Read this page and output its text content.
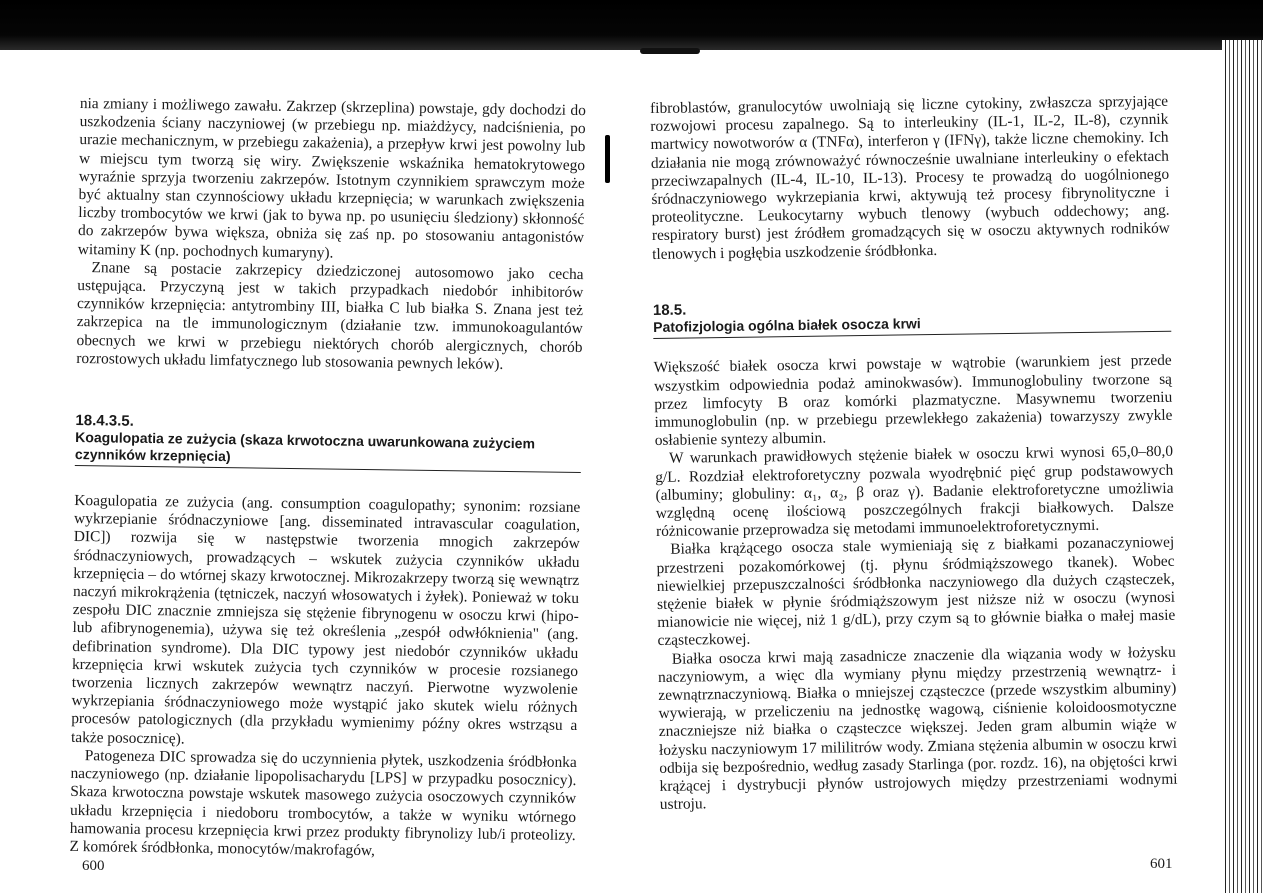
nia zmiany i możliwego zawału. Zakrzep (skrzeplina) powstaje, gdy dochodzi do uszkodzenia ściany naczyniowej (w przebiegu np. miażdżycy, nadciśnienia, po urazie mechanicznym, w przebiegu zakażenia), a przepływ krwi jest powolny lub w miejscu tym tworzą się wiry. Zwiększenie wskaźnika hematokrytowego wyraźnie sprzyja tworzeniu zakrzepów. Istotnym czynnikiem sprawczym może być aktualny stan czynnościowy układu krzepnięcia; w warunkach zwiększenia liczby trombocytów we krwi (jak to bywa np. po usunięciu śledziony) skłonność do zakrzepów bywa większa, obniża się zaś np. po stosowaniu antagonistów witaminy K (np. pochodnych kumaryny).

Znane są postacie zakrzepicy dziedziczonej autosomowo jako cecha ustępująca. Przyczyną jest w takich przypadkach niedobór inhibitorów czynników krzepnięcia: antytrombiny III, białka C lub białka S. Znana jest też zakrzepica na tle immunologicznym (działanie tzw. immunokoagulantów obecnych we krwi w przebiegu niektórych chorób alergicznych, chorób rozrostowych układu limfatycznego lub stosowania pewnych leków).

18.4.3.5.
Koagulopatia ze zużycia (skaza krwotoczna uwarunkowana zużyciem czynników krzepnięcia)

Koagulopatia ze zużycia (ang. consumption coagulopathy; synonim: rozsiane wykrzepianie śródnaczyniowe [ang. disseminated intravascular coagulation, DIC]) rozwija się w następstwie tworzenia mnogich zakrzepów śródnaczyniowych, prowadzących – wskutek zużycia czynników układu krzepnięcia – do wtórnej skazy krwotocznej. Mikrozakrzepy tworzą się wewnątrz naczyń mikrokrążenia (tętniczek, naczyń włosowatych i żyłek). Ponieważ w toku zespołu DIC znacznie zmniejsza się stężenie fibrynogenu w osoczu krwi (hipo- lub afibrynogenemia), używa się też określenia „zespół odwłóknienia" (ang. defibrination syndrome). Dla DIC typowy jest niedobór czynników układu krzepnięcia krwi wskutek zużycia tych czynników w procesie rozsianego tworzenia licznych zakrzepów wewnątrz naczyń. Pierwotne wyzwolenie wykrzepiania śródnaczyniowego może wystąpić jako skutek wielu różnych procesów patologicznych (dla przykładu wymienimy późny okres wstrząsu a także posocznicę).

Patogeneza DIC sprowadza się do uczynnienia płytek, uszkodzenia śródbłonka naczyniowego (np. działanie lipopolisacharydu [LPS] w przypadku posocznicy). Skaza krwotoczna powstaje wskutek masowego zużycia osoczowych czynników układu krzepnięcia i niedoboru trombocytów, a także w wyniku wtórnego hamowania procesu krzepnięcia krwi przez produkty fibrynolizy lub/i proteolizy. Z komórek śródbłonka, monocytów/makrofagów,

600

fibroblastów, granulocytów uwolniają się liczne cytokiny, zwłaszcza sprzyjające rozwojowi procesu zapalnego. Są to interleukiny (IL-1, IL-2, IL-8), czynnik martwicy nowotworów α (TNFα), interferon γ (IFNγ), także liczne chemokiny. Ich działania nie mogą zrównoważyć równocześnie uwalniane interleukiny o efektach przeciwzapalnych (IL-4, IL-10, IL-13). Procesy te prowadzą do uogólnionego śródnaczyniowego wykrzepiania krwi, aktywują też procesy fibrynolityczne i proteolityczne. Leukocytarny wybuch tlenowy (wybuch oddechowy; ang. respiratory burst) jest źródłem gromadzących się w osoczu aktywnych rodników tlenowych i pogłębia uszkodzenie śródbłonka.

18.5.
Patofizjologia ogólna białek osocza krwi

Większość białek osocza krwi powstaje w wątrobie (warunkiem jest przede wszystkim odpowiednia podaż aminokwasów). Immunoglobuliny tworzone są przez limfocyty B oraz komórki plazmatyczne. Masywnemu tworzeniu immunoglobulin (np. w przebiegu przewlekłego zakażenia) towarzyszy zwykle osłabienie syntezy albumin.

W warunkach prawidłowych stężenie białek w osoczu krwi wynosi 65,0–80,0 g/L. Rozdział elektroforetyczny pozwala wyodrębnić pięć grup podstawowych (albuminy; globuliny: α₁, α₂, β oraz γ). Badanie elektroforetyczne umożliwia względną ocenę ilościową poszczególnych frakcji białkowych. Dalsze różnicowanie przeprowadza się metodami immunoelektroforetycznymi.

Białka krążącego osocza stale wymieniają się z białkami pozanaczyniowej przestrzeni pozakomórkowej (tj. płynu śródmiąższowego tkanek). Wobec niewielkiej przepuszczalności śródbłonka naczyniowego dla dużych cząsteczek, stężenie białek w płynie śródmiąższowym jest niższe niż w osoczu (wynosi mianowicie nie więcej, niż 1 g/dL), przy czym są to głównie białka o małej masie cząsteczkowej.

Białka osocza krwi mają zasadnicze znaczenie dla wiązania wody w łożysku naczyniowym, a więc dla wymiany płynu między przestrzenią wewnątrz- i zewnątrznaczyniową. Białka o mniejszej cząsteczce (przede wszystkim albuminy) wywierają, w przeliczeniu na jednostkę wagową, ciśnienie koloidoosmotyczne znaczniejsze niż białka o cząsteczce większej. Jeden gram albumin wiąże w łożysku naczyniowym 17 mililitrów wody. Zmiana stężenia albumin w osoczu krwi odbija się bezpośrednio, według zasady Starlinga (por. rozdz. 16), na objętości krwi krążącej i dystrybucji płynów ustrojowych między przestrzeniami wodnymi ustroju.

601
